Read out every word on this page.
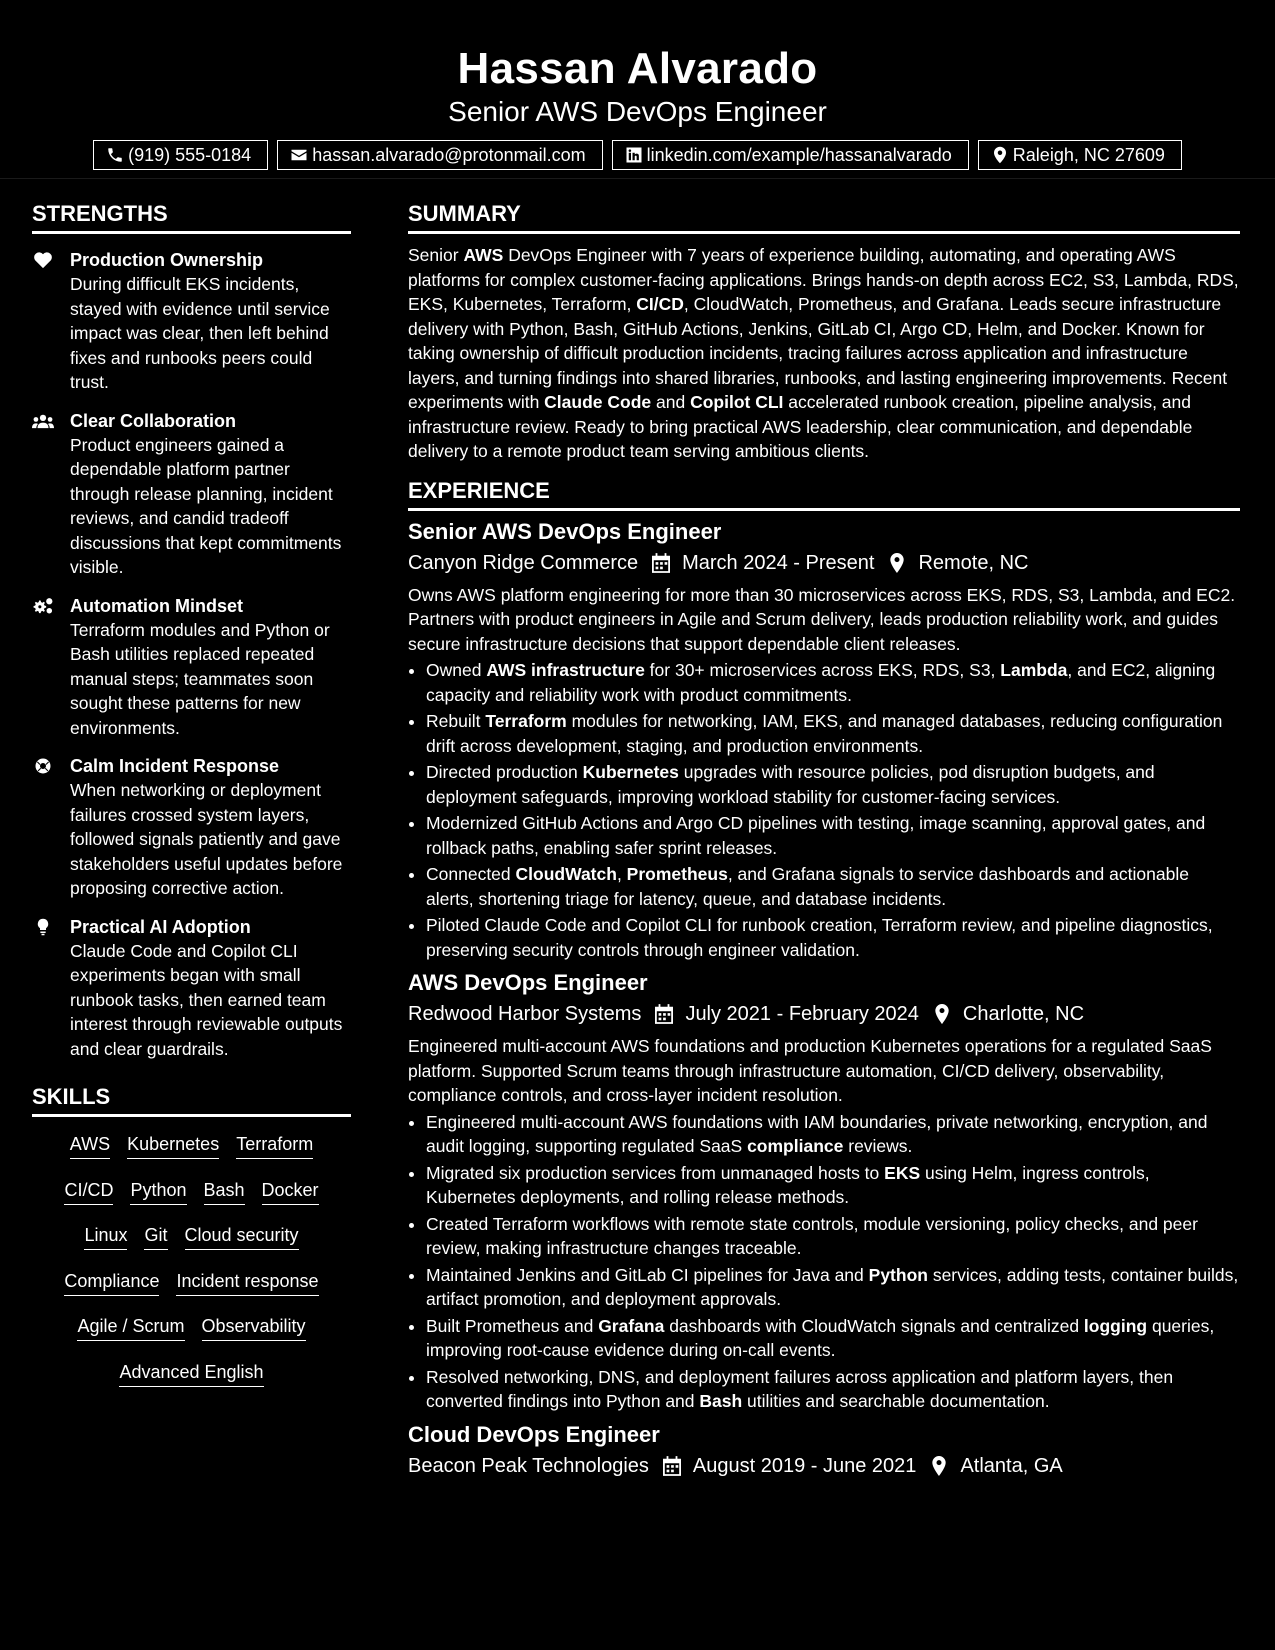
Hassan Alvarado
Senior AWS DevOps Engineer
(919) 555-0184	hassan.alvarado@protonmail.com	linkedin.com/example/hassanalvarado	Raleigh, NC 27609
STRENGTHS
Production Ownership
During difficult EKS incidents, stayed with evidence until service impact was clear, then left behind fixes and runbooks peers could trust.
Clear Collaboration
Product engineers gained a dependable platform partner through release planning, incident reviews, and candid tradeoff discussions that kept commitments visible.
Automation Mindset
Terraform modules and Python or Bash utilities replaced repeated manual steps; teammates soon sought these patterns for new environments.
Calm Incident Response
When networking or deployment failures crossed system layers, followed signals patiently and gave stakeholders useful updates before proposing corrective action.
Practical AI Adoption
Claude Code and Copilot CLI experiments began with small runbook tasks, then earned team interest through reviewable outputs and clear guardrails.
SKILLS
AWS Kubernetes Terraform
CI/CD Python Bash Docker
Linux Git Cloud security
Compliance Incident response
Agile / Scrum Observability
Advanced English
SUMMARY
Senior AWS DevOps Engineer with 7 years of experience building, automating, and operating AWS platforms for complex customer-facing applications. Brings hands-on depth across EC2, S3, Lambda, RDS, EKS, Kubernetes, Terraform, CI/CD, CloudWatch, Prometheus, and Grafana. Leads secure infrastructure delivery with Python, Bash, GitHub Actions, Jenkins, GitLab CI, Argo CD, Helm, and Docker. Known for taking ownership of difficult production incidents, tracing failures across application and infrastructure layers, and turning findings into shared libraries, runbooks, and lasting engineering improvements. Recent experiments with Claude Code and Copilot CLI accelerated runbook creation, pipeline analysis, and infrastructure review. Ready to bring practical AWS leadership, clear communication, and dependable delivery to a remote product team serving ambitious clients.
EXPERIENCE
Senior AWS DevOps Engineer
Canyon Ridge Commerce March 2024 - Present Remote, NC
Owns AWS platform engineering for more than 30 microservices across EKS, RDS, S3, Lambda, and EC2. Partners with product engineers in Agile and Scrum delivery, leads production reliability work, and guides secure infrastructure decisions that support dependable client releases.
• Owned AWS infrastructure for 30+ microservices across EKS, RDS, S3, Lambda, and EC2, aligning capacity and reliability work with product commitments.
• Rebuilt Terraform modules for networking, IAM, EKS, and managed databases, reducing configuration drift across development, staging, and production environments.
• Directed production Kubernetes upgrades with resource policies, pod disruption budgets, and deployment safeguards, improving workload stability for customer-facing services.
• Modernized GitHub Actions and Argo CD pipelines with testing, image scanning, approval gates, and rollback paths, enabling safer sprint releases.
• Connected CloudWatch, Prometheus, and Grafana signals to service dashboards and actionable alerts, shortening triage for latency, queue, and database incidents.
• Piloted Claude Code and Copilot CLI for runbook creation, Terraform review, and pipeline diagnostics, preserving security controls through engineer validation.
AWS DevOps Engineer
Redwood Harbor Systems July 2021 - February 2024 Charlotte, NC
Engineered multi-account AWS foundations and production Kubernetes operations for a regulated SaaS platform. Supported Scrum teams through infrastructure automation, CI/CD delivery, observability, compliance controls, and cross-layer incident resolution.
• Engineered multi-account AWS foundations with IAM boundaries, private networking, encryption, and audit logging, supporting regulated SaaS compliance reviews.
• Migrated six production services from unmanaged hosts to EKS using Helm, ingress controls, Kubernetes deployments, and rolling release methods.
• Created Terraform workflows with remote state controls, module versioning, policy checks, and peer review, making infrastructure changes traceable.
• Maintained Jenkins and GitLab CI pipelines for Java and Python services, adding tests, container builds, artifact promotion, and deployment approvals.
• Built Prometheus and Grafana dashboards with CloudWatch signals and centralized logging queries, improving root-cause evidence during on-call events.
• Resolved networking, DNS, and deployment failures across application and platform layers, then converted findings into Python and Bash utilities and searchable documentation.
Cloud DevOps Engineer
Beacon Peak Technologies August 2019 - June 2021 Atlanta, GA
